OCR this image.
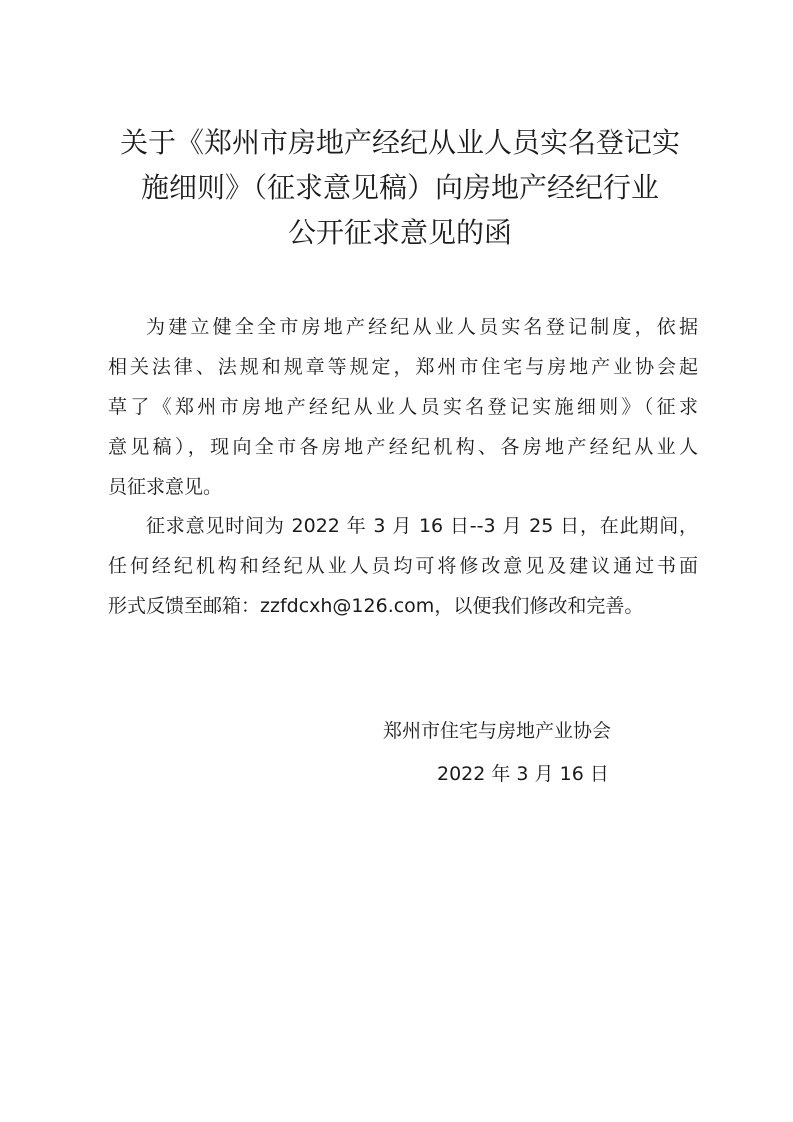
关于《郑州市房地产经纪从业人员实名登记实
施细则》（征求意见稿）向房地产经纪行业
公开征求意见的函
为建立健全全市房地产经纪从业人员实名登记制度，依据
相关法律、法规和规章等规定，郑州市住宅与房地产业协会起
草了《郑州市房地产经纪从业人员实名登记实施细则》（征求
意见稿），现向全市各房地产经纪机构、各房地产经纪从业人
员征求意见。
征求意见时间为 2022 年 3 月 16 日--3 月 25 日，在此期间，
任何经纪机构和经纪从业人员均可将修改意见及建议通过书面
形式反馈至邮箱：zzfdcxh@126.com，以便我们修改和完善。
郑州市住宅与房地产业协会
2022 年 3 月 16 日
